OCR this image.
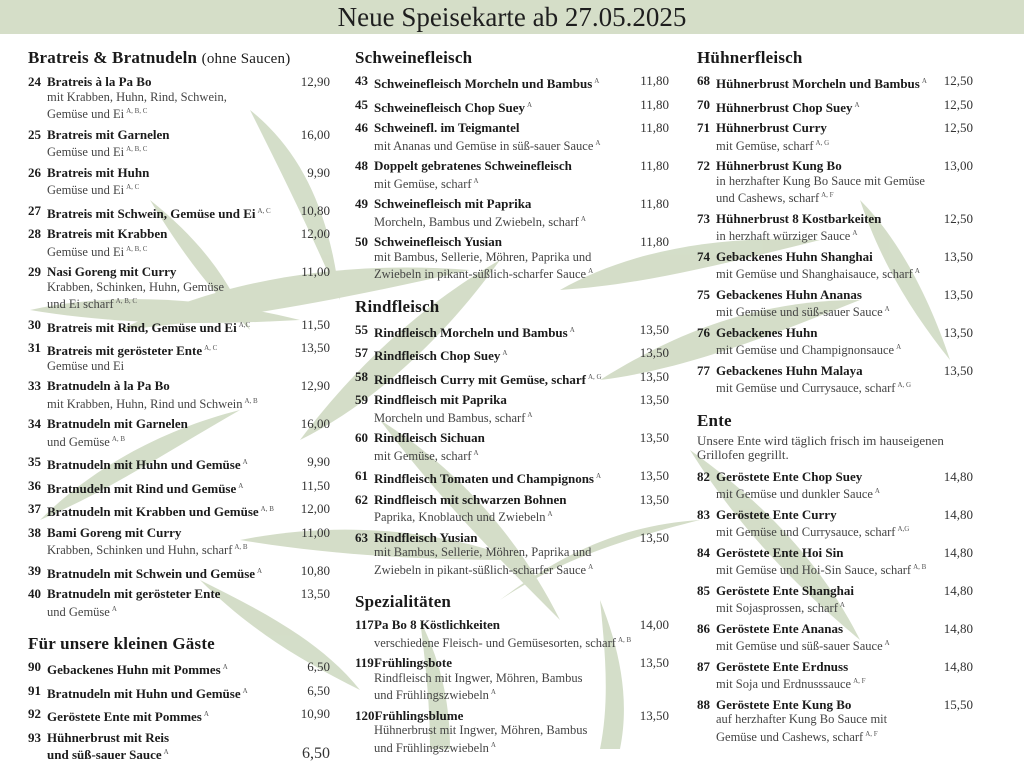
Neue Speisekarte ab 27.05.2025
Bratreis & Bratnudeln (ohne Saucen)
24 Bratreis à la Pa Bo	12,90
mit Krabben, Huhn, Rind, Schwein,
Gemüse und Ei $^{A, B, C}$
25 Bratreis mit Garnelen	16,00
Gemüse und Ei $^{A, B, C}$
26 Bratreis mit Huhn	9,90
Gemüse und Ei $^{A, C}$
27 Bratreis mit Schwein, Gemüse und Ei $^{A, C}$	10,80
28 Bratreis mit Krabben	12,00
Gemüse und Ei $^{A, B, C}$
29 Nasi Goreng mit Curry	11,00
Krabben, Schinken, Huhn, Gemüse
und Ei scharf $^{A, B, C}$
30 Bratreis mit Rind, Gemüse und Ei $^{A,C}$	11,50
31 Bratreis mit gerösteter Ente $^{A, C}$	13,50
Gemüse und Ei
33 Bratnudeln à la Pa Bo	12,90
mit Krabben, Huhn, Rind und Schwein $^{A, B}$
34 Bratnudeln mit Garnelen	16,00
und Gemüse $^{A, B}$
35 Bratnudeln mit Huhn und Gemüse $^A$	9,90
36 Bratnudeln mit Rind und Gemüse $^A$	11,50
37 Bratnudeln mit Krabben und Gemüse $^{A, B}$	12,00
38 Bami Goreng mit Curry	11,00
Krabben, Schinken und Huhn, scharf $^{A, B}$
39 Bratnudeln mit Schwein und Gemüse $^A$	10,80
40 Bratnudeln mit gerösteter Ente	13,50
und Gemüse $^A$
Für unsere kleinen Gäste
90 Gebackenes Huhn mit Pommes $^A$	6,50
91 Bratnudeln mit Huhn und Gemüse $^A$	6,50
92 Geröstete Ente mit Pommes $^A$	10,90
93 Hühnerbrust mit Reis
und süß-sauer Sauce $^A$	6,50
Schweinefleisch
43 Schweinefleisch Morcheln und Bambus $^A$	11,80
45 Schweinefleisch Chop Suey $^A$	11,80
46 Schweinefl. im Teigmantel	11,80
mit Ananas und Gemüse in süß-sauer Sauce $^A$
48 Doppelt gebratenes Schweinefleisch	11,80
mit Gemüse, scharf $^A$
49 Schweinefleisch mit Paprika	11,80
Morcheln, Bambus und Zwiebeln, scharf $^A$
50 Schweinefleisch Yusian	11,80
mit Bambus, Sellerie, Möhren, Paprika und
Zwiebeln in pikant-süßlich-scharfer Sauce $^A$
Rindfleisch
55 Rindfleisch Morcheln und Bambus $^A$	13,50
57 Rindfleisch Chop Suey $^A$	13,50
58 Rindfleisch Curry mit Gemüse, scharf $^{A, G}$	13,50
59 Rindfleisch mit Paprika	13,50
Morcheln und Bambus, scharf $^A$
60 Rindfleisch Sichuan	13,50
mit Gemüse, scharf $^A$
61 Rindfleisch Tomaten und Champignons $^A$	13,50
62 Rindfleisch mit schwarzen Bohnen	13,50
Paprika, Knoblauch und Zwiebeln $^A$
63 Rindfleisch Yusian	13,50
mit Bambus, Sellerie, Möhren, Paprika und
Zwiebeln in pikant-süßlich-scharfer Sauce $^A$
Spezialitäten
117 Pa Bo 8 Köstlichkeiten	14,00
verschiedene Fleisch- und Gemüsesorten, scharf $^{A, B}$
119 Frühlingsbote	13,50
Rindfleisch mit Ingwer, Möhren, Bambus
und Frühlingszwiebeln $^A$
120 Frühlingsblume	13,50
Hühnerbrust mit Ingwer, Möhren, Bambus
und Frühlingszwiebeln $^A$
Hühnerfleisch
68 Hühnerbrust Morcheln und Bambus $^A$	12,50
70 Hühnerbrust Chop Suey $^A$	12,50
71 Hühnerbrust Curry	12,50
mit Gemüse, scharf $^{A, G}$
72 Hühnerbrust Kung Bo	13,00
in herzhafter Kung Bo Sauce mit Gemüse
und Cashews, scharf $^{A, F}$
73 Hühnerbrust 8 Kostbarkeiten	12,50
in herzhaft würziger Sauce $^A$
74 Gebackenes Huhn Shanghai	13,50
mit Gemüse und Shanghaisauce, scharf $^A$
75 Gebackenes Huhn Ananas	13,50
mit Gemüse und süß-sauer Sauce $^A$
76 Gebackenes Huhn	13,50
mit Gemüse und Champignonsauce $^A$
77 Gebackenes Huhn Malaya	13,50
mit Gemüse und Currysauce, scharf $^{A, G}$
Ente
Unsere Ente wird täglich frisch im hauseigenen
Grillofen gegrillt.
82 Geröstete Ente Chop Suey	14,80
mit Gemüse und dunkler Sauce $^A$
83 Geröstete Ente Curry	14,80
mit Gemüse und Currysauce, scharf $^{A,G}$
84 Geröstete Ente Hoi Sin	14,80
mit Gemüse und Hoi-Sin Sauce, scharf $^{A, B}$
85 Geröstete Ente Shanghai	14,80
mit Sojasprossen, scharf $^A$
86 Geröstete Ente Ananas	14,80
mit Gemüse und süß-sauer Sauce $^A$
87 Geröstete Ente Erdnuss	14,80
mit Soja und Erdnusssauce $^{A, F}$
88 Geröstete Ente Kung Bo	15,50
auf herzhafter Kung Bo Sauce mit
Gemüse und Cashews, scharf $^{A, F}$
